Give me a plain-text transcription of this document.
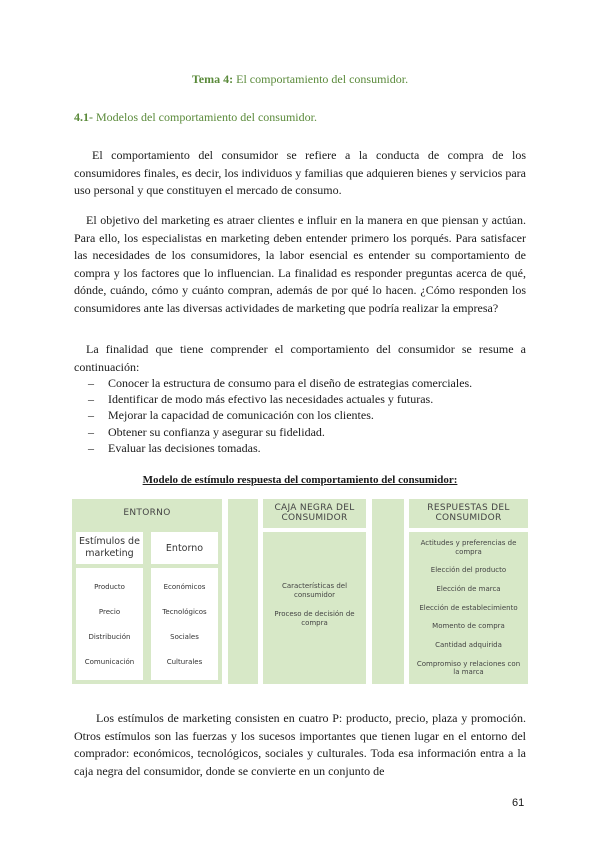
Tema 4: El comportamiento del consumidor.
4.1- Modelos del comportamiento del consumidor.

El comportamiento del consumidor se refiere a la conducta de compra de los consumidores finales, es decir, los individuos y familias que adquieren bienes y servicios para uso personal y que constituyen el mercado de consumo.

El objetivo del marketing es atraer clientes e influir en la manera en que piensan y actúan. Para ello, los especialistas en marketing deben entender primero los porqués. Para satisfacer las necesidades de los consumidores, la labor esencial es entender su comportamiento de compra y los factores que lo influencian. La finalidad es responder preguntas acerca de qué, dónde, cuándo, cómo y cuánto compran, además de por qué lo hacen. ¿Cómo responden los consumidores ante las diversas actividades de marketing que podría realizar la empresa?

La finalidad que tiene comprender el comportamiento del consumidor se resume a continuación:

– Conocer la estructura de consumo para el diseño de estrategias comerciales.
– Identificar de modo más efectivo las necesidades actuales y futuras.
– Mejorar la capacidad de comunicación con los clientes.
– Obtener su confianza y asegurar su fidelidad.
– Evaluar las decisiones tomadas.
Modelo de estímulo respuesta del comportamiento del consumidor:
ENTORNO
Estímulos de marketing	Entorno
Producto
Precio
Distribución
Comunicación
Económicos
Tecnológicos
Sociales
Culturales
CAJA NEGRA DEL CONSUMIDOR
Características del consumidor
Proceso de decisión de compra
RESPUESTAS DEL CONSUMIDOR
Actitudes y preferencias de compra
Elección del producto
Elección de marca
Elección de establecimiento
Momento de compra
Cantidad adquirida
Compromiso y relaciones con la marca

Los estímulos de marketing consisten en cuatro P: producto, precio, plaza y promoción. Otros estímulos son las fuerzas y los sucesos importantes que tienen lugar en el entorno del comprador: económicos, tecnológicos, sociales y culturales. Toda esa información entra a la caja negra del consumidor, donde se convierte en un conjunto de

61
